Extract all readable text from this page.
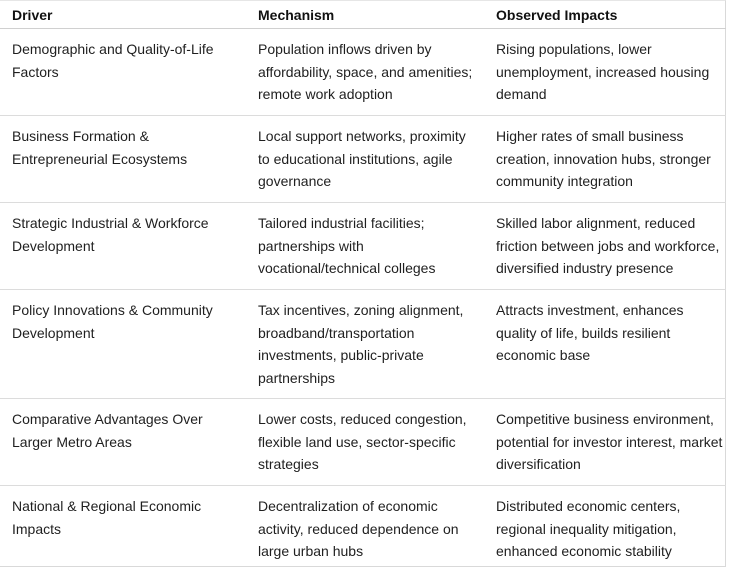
Driver	Mechanism	Observed Impacts
Demographic and Quality-of-Life Factors	Population inflows driven by affordability, space, and amenities; remote work adoption	Rising populations, lower unemployment, increased housing demand
Business Formation & Entrepreneurial Ecosystems	Local support networks, proximity to educational institutions, agile governance	Higher rates of small business creation, innovation hubs, stronger community integration
Strategic Industrial & Workforce Development	Tailored industrial facilities; partnerships with vocational/technical colleges	Skilled labor alignment, reduced friction between jobs and workforce, diversified industry presence
Policy Innovations & Community Development	Tax incentives, zoning alignment, broadband/transportation investments, public-private partnerships	Attracts investment, enhances quality of life, builds resilient economic base
Comparative Advantages Over Larger Metro Areas	Lower costs, reduced congestion, flexible land use, sector-specific strategies	Competitive business environment, potential for investor interest, market diversification
National & Regional Economic Impacts	Decentralization of economic activity, reduced dependence on large urban hubs	Distributed economic centers, regional inequality mitigation, enhanced economic stability
